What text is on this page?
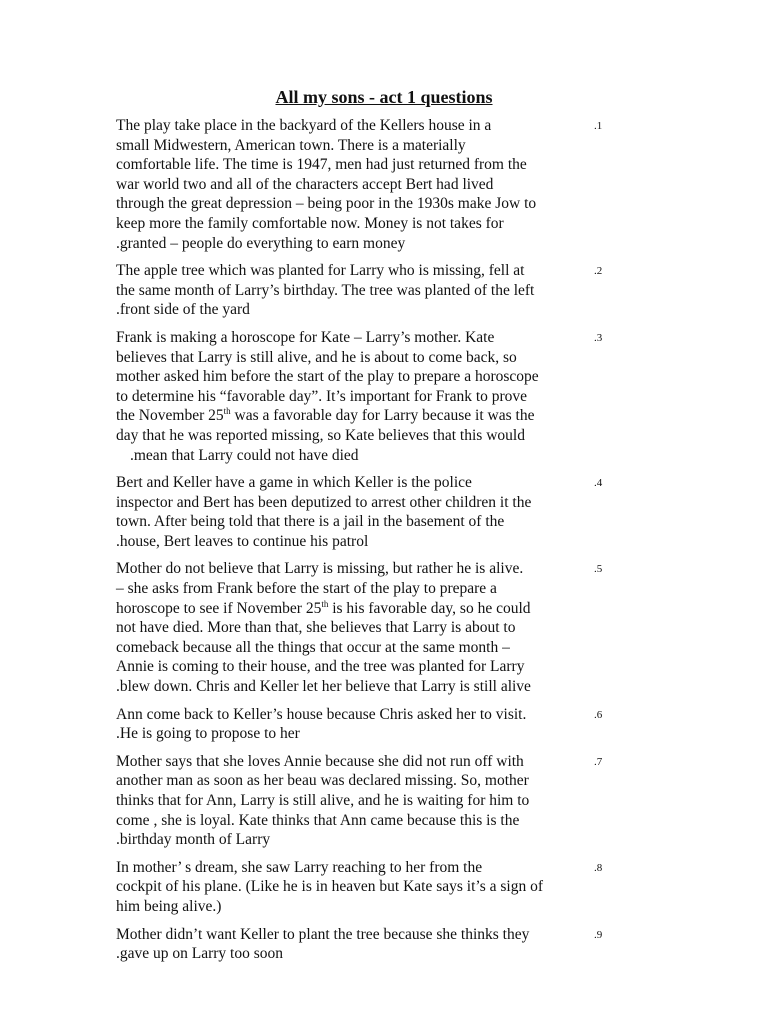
All my sons - act 1 questions
.1
The play take place in the backyard of the Kellers house in a
small Midwestern, American town. There is a materially
comfortable life. The time is 1947, men had just returned from the
war world two and all of the characters accept Bert had lived
through the great depression – being poor in the 1930s make Jow to
keep more the family comfortable now. Money is not takes for
.granted – people do everything to earn money
.2
The apple tree which was planted for Larry who is missing, fell at
the same month of Larry’s birthday. The tree was planted of the left
.front side of the yard
.3
Frank is making a horoscope for Kate – Larry’s mother. Kate
believes that Larry is still alive, and he is about to come back, so
mother asked him before the start of the play to prepare a horoscope
to determine his “favorable day”. It’s important for Frank to prove
the November 25th was a favorable day for Larry because it was the
day that he was reported missing, so Kate believes that this would
.mean that Larry could not have died
.4
Bert and Keller have a game in which Keller is the police
inspector and Bert has been deputized to arrest other children it the
town. After being told that there is a jail in the basement of the
.house, Bert leaves to continue his patrol
.5
Mother do not believe that Larry is missing, but rather he is alive.
– she asks from Frank before the start of the play to prepare a
horoscope to see if November 25th is his favorable day, so he could
not have died. More than that, she believes that Larry is about to
comeback because all the things that occur at the same month –
Annie is coming to their house, and the tree was planted for Larry
.blew down. Chris and Keller let her believe that Larry is still alive
.6
Ann come back to Keller’s house because Chris asked her to visit.
.He is going to propose to her
.7
Mother says that she loves Annie because she did not run off with
another man as soon as her beau was declared missing. So, mother
thinks that for Ann, Larry is still alive, and he is waiting for him to
come , she is loyal. Kate thinks that Ann came because this is the
.birthday month of Larry
.8
In mother’ s dream, she saw Larry reaching to her from the
cockpit of his plane. (Like he is in heaven but Kate says it’s a sign of
him being alive.)
.9
Mother didn’t want Keller to plant the tree because she thinks they
.gave up on Larry too soon
